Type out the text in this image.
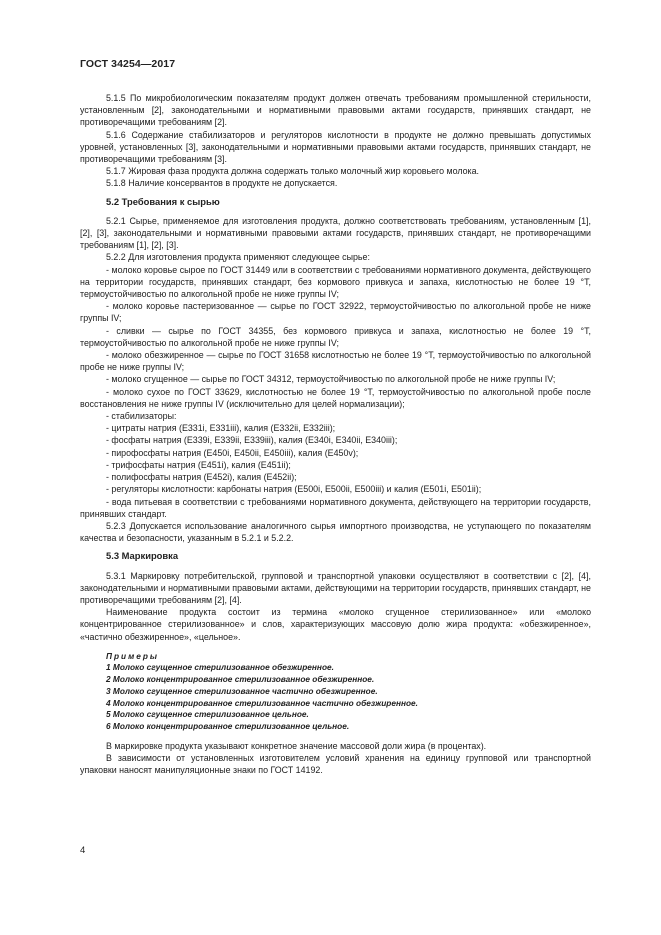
ГОСТ 34254—2017

5.1.5 По микробиологическим показателям продукт должен отвечать требованиям промышленной стерильности, установленным [2], законодательными и нормативными правовыми актами государств, принявших стандарт, не противоречащими требованиям [2].

5.1.6 Содержание стабилизаторов и регуляторов кислотности в продукте не должно превышать допустимых уровней, установленных [3], законодательными и нормативными правовыми актами государств, принявших стандарт, не противоречащими требованиям [3].

5.1.7 Жировая фаза продукта должна содержать только молочный жир коровьего молока.

5.1.8 Наличие консервантов в продукте не допускается.

5.2 Требования к сырью

5.2.1 Сырье, применяемое для изготовления продукта, должно соответствовать требованиям, установленным [1], [2], [3], законодательными и нормативными правовыми актами государств, принявших стандарт, не противоречащими требованиям [1], [2], [3].

5.2.2 Для изготовления продукта применяют следующее сырье:

- молоко коровье сырое по ГОСТ 31449 или в соответствии с требованиями нормативного документа, действующего на территории государств, принявших стандарт, без кормового привкуса и запаха, кислотностью не более 19 °Т, термоустойчивостью по алкогольной пробе не ниже группы IV;

- молоко коровье пастеризованное — сырье по ГОСТ 32922, термоустойчивостью по алкогольной пробе не ниже группы IV;

- сливки — сырье по ГОСТ 34355, без кормового привкуса и запаха, кислотностью не более 19 °Т, термоустойчивостью по алкогольной пробе не ниже группы IV;

- молоко обезжиренное — сырье по ГОСТ 31658 кислотностью не более 19 °Т, термоустойчивостью по алкогольной пробе не ниже группы IV;

- молоко сгущенное — сырье по ГОСТ 34312, термоустойчивостью по алкогольной пробе не ниже группы IV;

- молоко сухое по ГОСТ 33629, кислотностью не более 19 °Т, термоустойчивостью по алкогольной пробе после восстановления не ниже группы IV (исключительно для целей нормализации);

- стабилизаторы:

- цитраты натрия (Е331i, Е331iii), калия (Е332ii, Е332iii);

- фосфаты натрия (Е339i, Е339ii, Е339iii), калия (Е340i, Е340ii, Е340iii);

- пирофосфаты натрия (Е450i, Е450ii, Е450iii), калия (Е450v);

- трифосфаты натрия (Е451i), калия (Е451ii);

- полифосфаты натрия (Е452i), калия (Е452ii);

- регуляторы кислотности: карбонаты натрия (Е500i, Е500ii, Е500iii) и калия (Е501i, Е501ii);

- вода питьевая в соответствии с требованиями нормативного документа, действующего на территории государств, принявших стандарт.

5.2.3 Допускается использование аналогичного сырья импортного производства, не уступающего по показателям качества и безопасности, указанным в 5.2.1 и 5.2.2.

5.3 Маркировка

5.3.1 Маркировку потребительской, групповой и транспортной упаковки осуществляют в соответствии с [2], [4], законодательными и нормативными правовыми актами, действующими на территории государств, принявших стандарт, не противоречащими требованиям [2], [4].

Наименование продукта состоит из термина «молоко сгущенное стерилизованное» или «молоко концентрированное стерилизованное» и слов, характеризующих массовую долю жира продукта: «обезжиренное», «частично обезжиренное», «цельное».

Примеры

1 Молоко сгущенное стерилизованное обезжиренное.

2 Молоко концентрированное стерилизованное обезжиренное.

3 Молоко сгущенное стерилизованное частично обезжиренное.

4 Молоко концентрированное стерилизованное частично обезжиренное.

5 Молоко сгущенное стерилизованное цельное.

6 Молоко концентрированное стерилизованное цельное.

В маркировке продукта указывают конкретное значение массовой доли жира (в процентах).

В зависимости от установленных изготовителем условий хранения на единицу групповой или транспортной упаковки наносят манипуляционные знаки по ГОСТ 14192.

4
